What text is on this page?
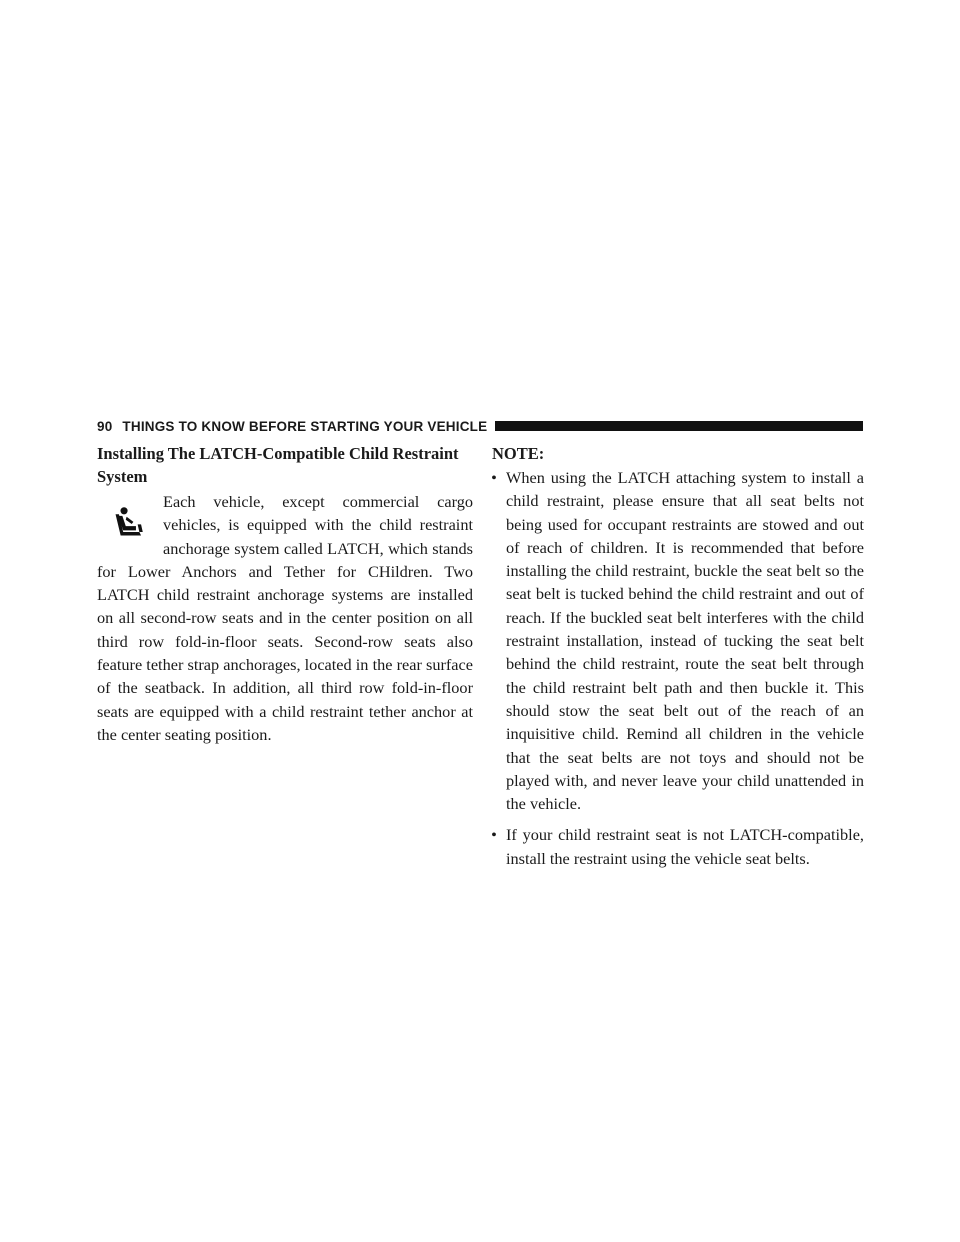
90 THINGS TO KNOW BEFORE STARTING YOUR VEHICLE
Installing The LATCH-Compatible Child Restraint System

Each vehicle, except commercial cargo vehicles, is equipped with the child restraint anchorage system called LATCH, which stands for Lower Anchors and Tether for CHildren. Two LATCH child restraint anchorage systems are installed on all second-row seats and in the center position on all third row fold-in-floor seats. Second-row seats also feature tether strap anchorages, located in the rear surface of the seatback. In addition, all third row fold-in-floor seats are equipped with a child restraint tether anchor at the center seating position.

NOTE:
• When using the LATCH attaching system to install a child restraint, please ensure that all seat belts not being used for occupant restraints are stowed and out of reach of children. It is recommended that before installing the child restraint, buckle the seat belt so the seat belt is tucked behind the child restraint and out of reach. If the buckled seat belt interferes with the child restraint installation, instead of tucking the seat belt behind the child restraint, route the seat belt through the child restraint belt path and then buckle it. This should stow the seat belt out of the reach of an inquisitive child. Remind all children in the vehicle that the seat belts are not toys and should not be played with, and never leave your child unattended in the vehicle.
• If your child restraint seat is not LATCH-compatible, install the restraint using the vehicle seat belts.
